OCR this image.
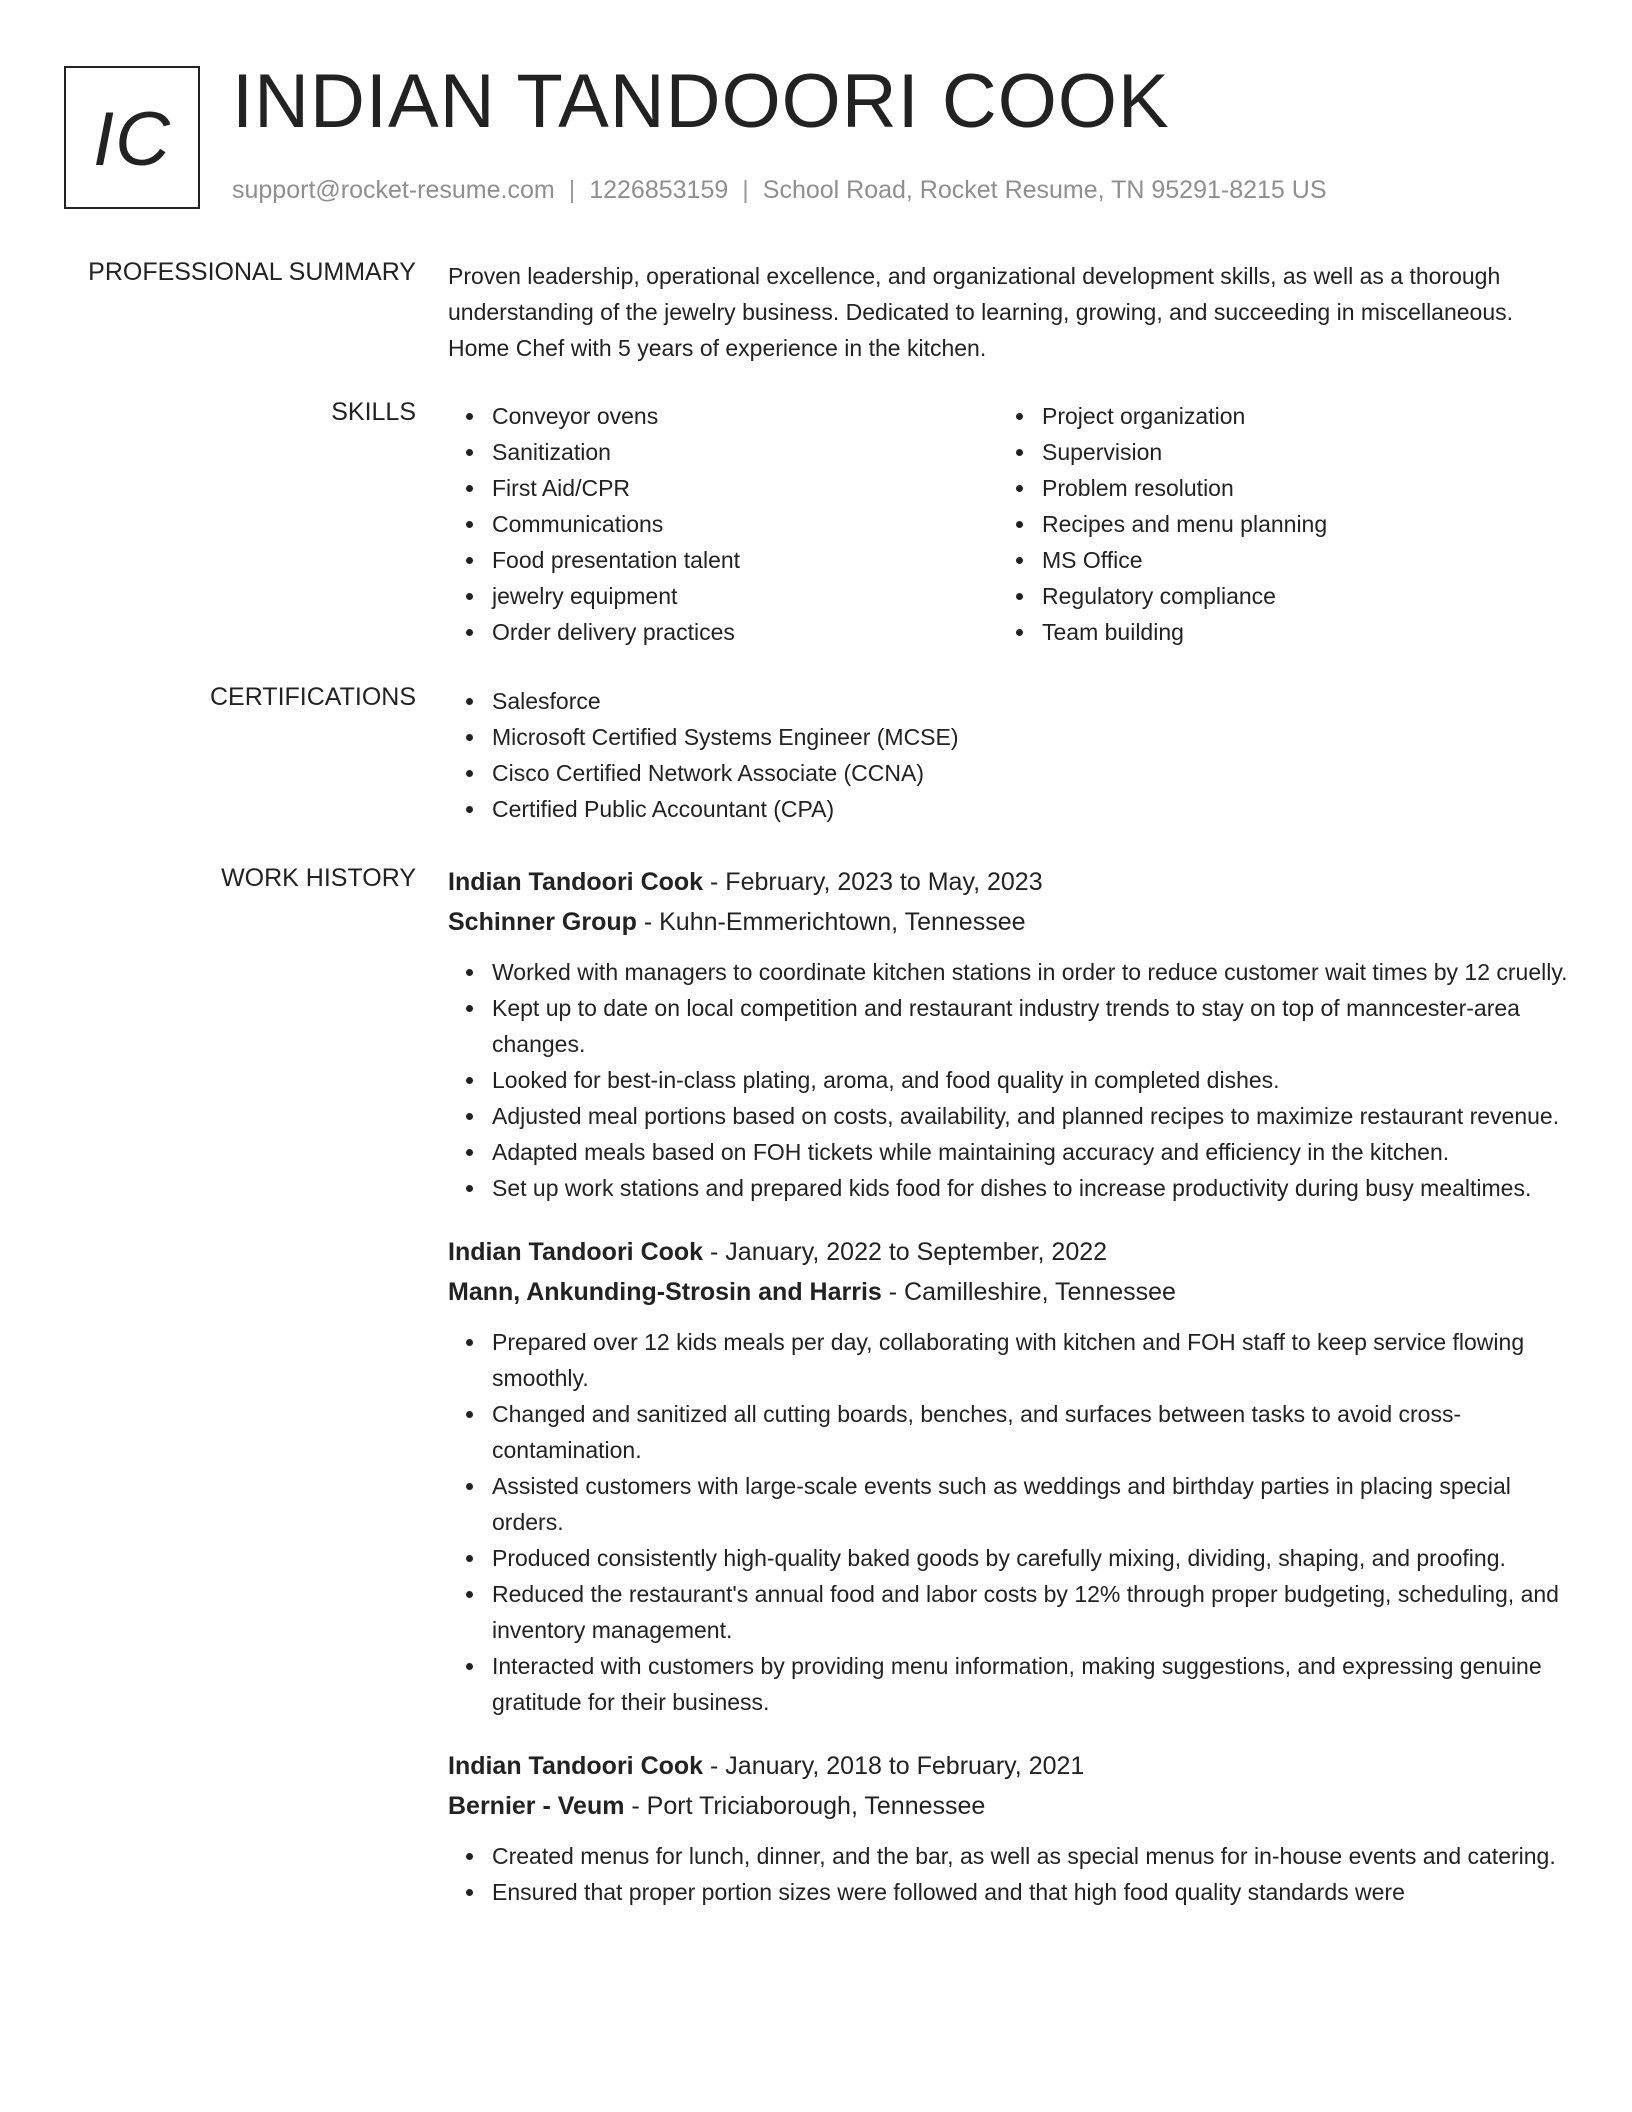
IC INDIAN TANDOORI COOK
support@rocket-resume.com | 1226853159 | School Road, Rocket Resume, TN 95291-8215 US
PROFESSIONAL SUMMARY Proven leadership, operational excellence, and organizational development skills, as well as a thorough understanding of the jewelry business. Dedicated to learning, growing, and succeeding in miscellaneous. Home Chef with 5 years of experience in the kitchen.
SKILLS	Conveyor ovens
Sanitization
First Aid/CPR
Communications
Food presentation talent
jewelry equipment
Order delivery practices
Project organization
Supervision
Problem resolution
Recipes and menu planning
MS Office
Regulatory compliance
Team building
CERTIFICATIONS	Salesforce
Microsoft Certified Systems Engineer (MCSE)
Cisco Certified Network Associate (CCNA)
Certified Public Accountant (CPA)
WORK HISTORY Indian Tandoori Cook - February, 2023 to May, 2023
Schinner Group - Kuhn-Emmerichtown, Tennessee
Worked with managers to coordinate kitchen stations in order to reduce customer wait times by 12 cruelly.
Kept up to date on local competition and restaurant industry trends to stay on top of manncester-area changes.
Looked for best-in-class plating, aroma, and food quality in completed dishes.
Adjusted meal portions based on costs, availability, and planned recipes to maximize restaurant revenue.
Adapted meals based on FOH tickets while maintaining accuracy and efficiency in the kitchen.
Set up work stations and prepared kids food for dishes to increase productivity during busy mealtimes.
Indian Tandoori Cook - January, 2022 to September, 2022
Mann, Ankunding-Strosin and Harris - Camilleshire, Tennessee
Prepared over 12 kids meals per day, collaborating with kitchen and FOH staff to keep service flowing smoothly.
Changed and sanitized all cutting boards, benches, and surfaces between tasks to avoid cross-contamination.
Assisted customers with large-scale events such as weddings and birthday parties in placing special orders.
Produced consistently high-quality baked goods by carefully mixing, dividing, shaping, and proofing.
Reduced the restaurant's annual food and labor costs by 12% through proper budgeting, scheduling, and inventory management.
Interacted with customers by providing menu information, making suggestions, and expressing genuine gratitude for their business.
Indian Tandoori Cook - January, 2018 to February, 2021
Bernier - Veum - Port Triciaborough, Tennessee
Created menus for lunch, dinner, and the bar, as well as special menus for in-house events and catering.
Ensured that proper portion sizes were followed and that high food quality standards were
